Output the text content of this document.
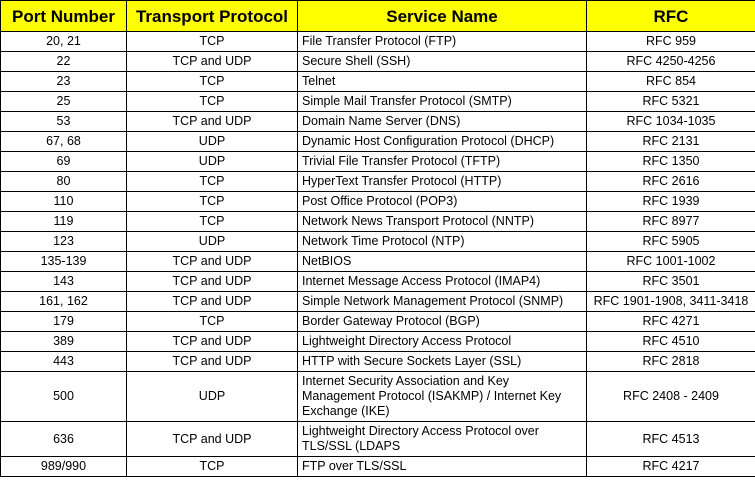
Port Number	Transport Protocol	Service Name	RFC
20, 21	TCP	File Transfer Protocol (FTP)	RFC 959
22	TCP and UDP	Secure Shell (SSH)	RFC 4250-4256
23	TCP	Telnet	RFC 854
25	TCP	Simple Mail Transfer Protocol (SMTP)	RFC 5321
53	TCP and UDP	Domain Name Server (DNS)	RFC 1034-1035
67, 68	UDP	Dynamic Host Configuration Protocol (DHCP)	RFC 2131
69	UDP	Trivial File Transfer Protocol (TFTP)	RFC 1350
80	TCP	HyperText Transfer Protocol (HTTP)	RFC 2616
110	TCP	Post Office Protocol (POP3)	RFC 1939
119	TCP	Network News Transport Protocol (NNTP)	RFC 8977
123	UDP	Network Time Protocol (NTP)	RFC 5905
135-139	TCP and UDP	NetBIOS	RFC 1001-1002
143	TCP and UDP	Internet Message Access Protocol (IMAP4)	RFC 3501
161, 162	TCP and UDP	Simple Network Management Protocol (SNMP)	RFC 1901-1908, 3411-3418
179	TCP	Border Gateway Protocol (BGP)	RFC 4271
389	TCP and UDP	Lightweight Directory Access Protocol	RFC 4510
443	TCP and UDP	HTTP with Secure Sockets Layer (SSL)	RFC 2818
500	UDP	Internet Security Association and Key Management Protocol (ISAKMP) / Internet Key Exchange (IKE)	RFC 2408 - 2409
636	TCP and UDP	Lightweight Directory Access Protocol over TLS/SSL (LDAPS	RFC 4513
989/990	TCP	FTP over TLS/SSL	RFC 4217
